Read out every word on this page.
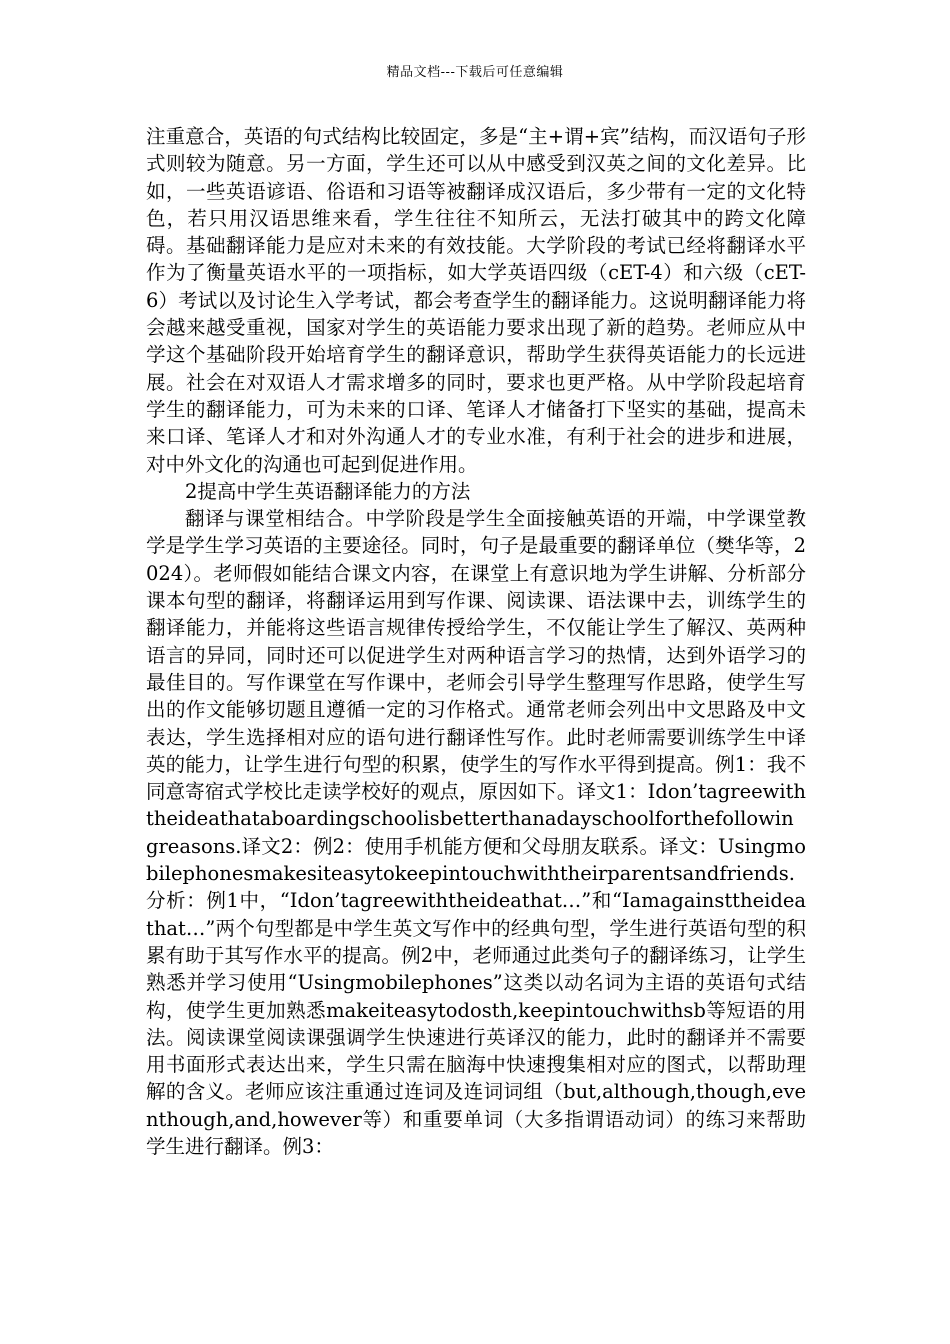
精品文档---下载后可任意编辑

注重意合，英语的句式结构比较固定，多是“主+谓+宾”结构，而汉语句子形式则较为随意。另一方面，学生还可以从中感受到汉英之间的文化差异。比如，一些英语谚语、俗语和习语等被翻译成汉语后，多少带有一定的文化特色，若只用汉语思维来看，学生往往不知所云，无法打破其中的跨文化障碍。基础翻译能力是应对未来的有效技能。大学阶段的考试已经将翻译水平作为了衡量英语水平的一项指标，如大学英语四级（cET-4）和六级（cET-6）考试以及讨论生入学考试，都会考查学生的翻译能力。这说明翻译能力将会越来越受重视，国家对学生的英语能力要求出现了新的趋势。老师应从中学这个基础阶段开始培育学生的翻译意识，帮助学生获得英语能力的长远进展。社会在对双语人才需求增多的同时，要求也更严格。从中学阶段起培育学生的翻译能力，可为未来的口译、笔译人才储备打下坚实的基础，提高未来口译、笔译人才和对外沟通人才的专业水准，有利于社会的进步和进展，对中外文化的沟通也可起到促进作用。

2提高中学生英语翻译能力的方法

翻译与课堂相结合。中学阶段是学生全面接触英语的开端，中学课堂教学是学生学习英语的主要途径。同时，句子是最重要的翻译单位（樊华等，2024）。老师假如能结合课文内容，在课堂上有意识地为学生讲解、分析部分课本句型的翻译，将翻译运用到写作课、阅读课、语法课中去，训练学生的翻译能力，并能将这些语言规律传授给学生，不仅能让学生了解汉、英两种语言的异同，同时还可以促进学生对两种语言学习的热情，达到外语学习的最佳目的。写作课堂在写作课中，老师会引导学生整理写作思路，使学生写出的作文能够切题且遵循一定的习作格式。通常老师会列出中文思路及中文表达，学生选择相对应的语句进行翻译性写作。此时老师需要训练学生中译英的能力，让学生进行句型的积累，使学生的写作水平得到提高。例1：我不同意寄宿式学校比走读学校好的观点，原因如下。译文1：Idon’tagreewiththeideathataboardingschoolisbetterthanadayschoolforthefollowingreasons.译文2：例2：使用手机能方便和父母朋友联系。译文：Usingmobilephonesmakesiteasytokeepintouchwiththeirparentsandfriends.分析：例1中，“Idon’tagreewiththeideathat…”和“Iamagainsttheideathat…”两个句型都是中学生英文写作中的经典句型，学生进行英语句型的积累有助于其写作水平的提高。例2中，老师通过此类句子的翻译练习，让学生熟悉并学习使用“Usingmobilephones”这类以动名词为主语的英语句式结构，使学生更加熟悉makeiteasytodosth,keepintouchwithsb等短语的用法。阅读课堂阅读课强调学生快速进行英译汉的能力，此时的翻译并不需要用书面形式表达出来，学生只需在脑海中快速搜集相对应的图式，以帮助理解的含义。老师应该注重通过连词及连词词组（but,although,though,eventhough,and,however等）和重要单词（大多指谓语动词）的练习来帮助学生进行翻译。例3：
